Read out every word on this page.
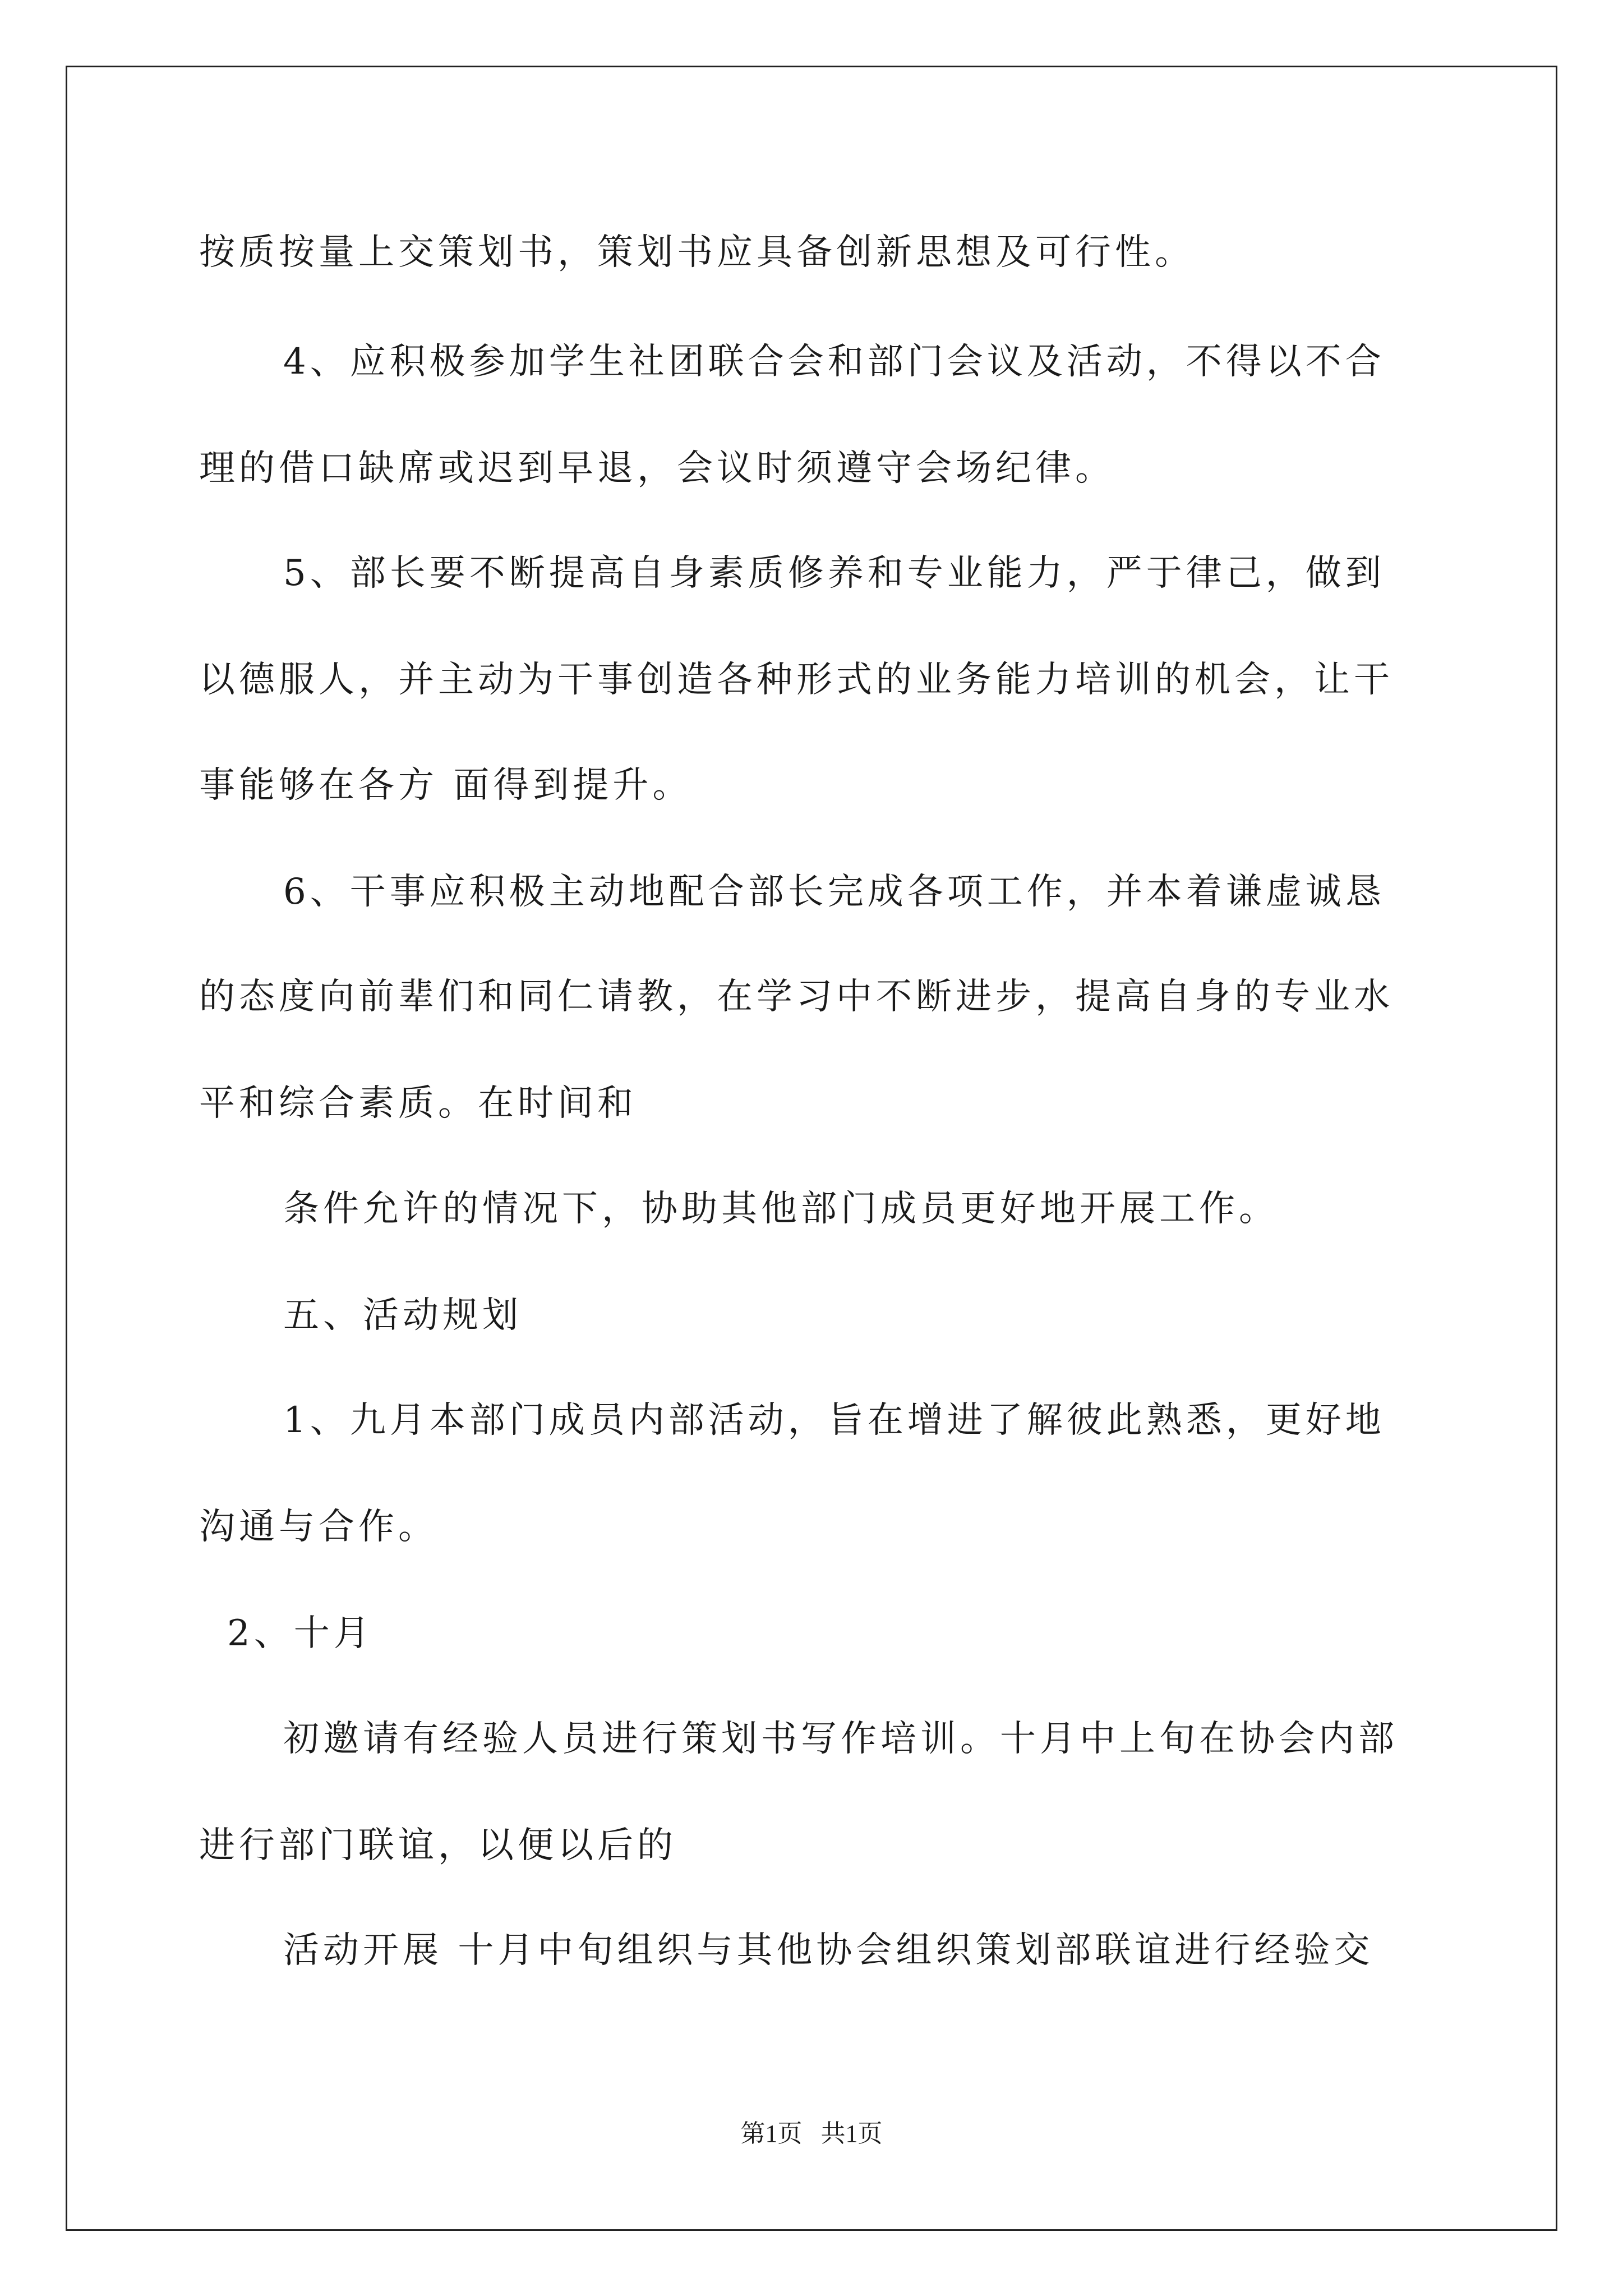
按质按量上交策划书，策划书应具备创新思想及可行性。
4、应积极参加学生社团联合会和部门会议及活动，不得以不合
理的借口缺席或迟到早退，会议时须遵守会场纪律。
5、部长要不断提高自身素质修养和专业能力，严于律己，做到
以德服人，并主动为干事创造各种形式的业务能力培训的机会，让干
事能够在各方 面得到提升。
6、干事应积极主动地配合部长完成各项工作，并本着谦虚诚恳
的态度向前辈们和同仁请教，在学习中不断进步，提高自身的专业水
平和综合素质。在时间和
条件允许的情况下，协助其他部门成员更好地开展工作。
五、活动规划
1、九月本部门成员内部活动，旨在增进了解彼此熟悉，更好地
沟通与合作。
2、十月
初邀请有经验人员进行策划书写作培训。十月中上旬在协会内部
进行部门联谊，以便以后的
活动开展 十月中旬组织与其他协会组织策划部联谊进行经验交
第1页   共1页
